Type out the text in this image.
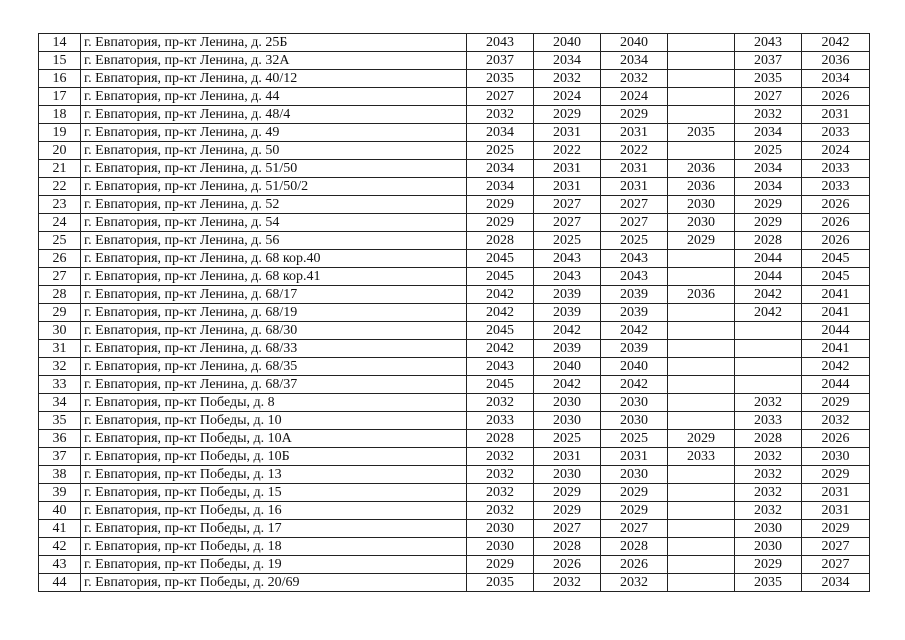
14	г. Евпатория, пр-кт Ленина, д. 25Б	2043	2040	2040		2043	2042
15	г. Евпатория, пр-кт Ленина, д. 32А	2037	2034	2034		2037	2036
16	г. Евпатория, пр-кт Ленина, д. 40/12	2035	2032	2032		2035	2034
17	г. Евпатория, пр-кт Ленина, д. 44	2027	2024	2024		2027	2026
18	г. Евпатория, пр-кт Ленина, д. 48/4	2032	2029	2029		2032	2031
19	г. Евпатория, пр-кт Ленина, д. 49	2034	2031	2031	2035	2034	2033
20	г. Евпатория, пр-кт Ленина, д. 50	2025	2022	2022		2025	2024
21	г. Евпатория, пр-кт Ленина, д. 51/50	2034	2031	2031	2036	2034	2033
22	г. Евпатория, пр-кт Ленина, д. 51/50/2	2034	2031	2031	2036	2034	2033
23	г. Евпатория, пр-кт Ленина, д. 52	2029	2027	2027	2030	2029	2026
24	г. Евпатория, пр-кт Ленина, д. 54	2029	2027	2027	2030	2029	2026
25	г. Евпатория, пр-кт Ленина, д. 56	2028	2025	2025	2029	2028	2026
26	г. Евпатория, пр-кт Ленина, д. 68 кор.40	2045	2043	2043		2044	2045
27	г. Евпатория, пр-кт Ленина, д. 68 кор.41	2045	2043	2043		2044	2045
28	г. Евпатория, пр-кт Ленина, д. 68/17	2042	2039	2039	2036	2042	2041
29	г. Евпатория, пр-кт Ленина, д. 68/19	2042	2039	2039		2042	2041
30	г. Евпатория, пр-кт Ленина, д. 68/30	2045	2042	2042			2044
31	г. Евпатория, пр-кт Ленина, д. 68/33	2042	2039	2039			2041
32	г. Евпатория, пр-кт Ленина, д. 68/35	2043	2040	2040			2042
33	г. Евпатория, пр-кт Ленина, д. 68/37	2045	2042	2042			2044
34	г. Евпатория, пр-кт Победы, д. 8	2032	2030	2030		2032	2029
35	г. Евпатория, пр-кт Победы, д. 10	2033	2030	2030		2033	2032
36	г. Евпатория, пр-кт Победы, д. 10А	2028	2025	2025	2029	2028	2026
37	г. Евпатория, пр-кт Победы, д. 10Б	2032	2031	2031	2033	2032	2030
38	г. Евпатория, пр-кт Победы, д. 13	2032	2030	2030		2032	2029
39	г. Евпатория, пр-кт Победы, д. 15	2032	2029	2029		2032	2031
40	г. Евпатория, пр-кт Победы, д. 16	2032	2029	2029		2032	2031
41	г. Евпатория, пр-кт Победы, д. 17	2030	2027	2027		2030	2029
42	г. Евпатория, пр-кт Победы, д. 18	2030	2028	2028		2030	2027
43	г. Евпатория, пр-кт Победы, д. 19	2029	2026	2026		2029	2027
44	г. Евпатория, пр-кт Победы, д. 20/69	2035	2032	2032		2035	2034
